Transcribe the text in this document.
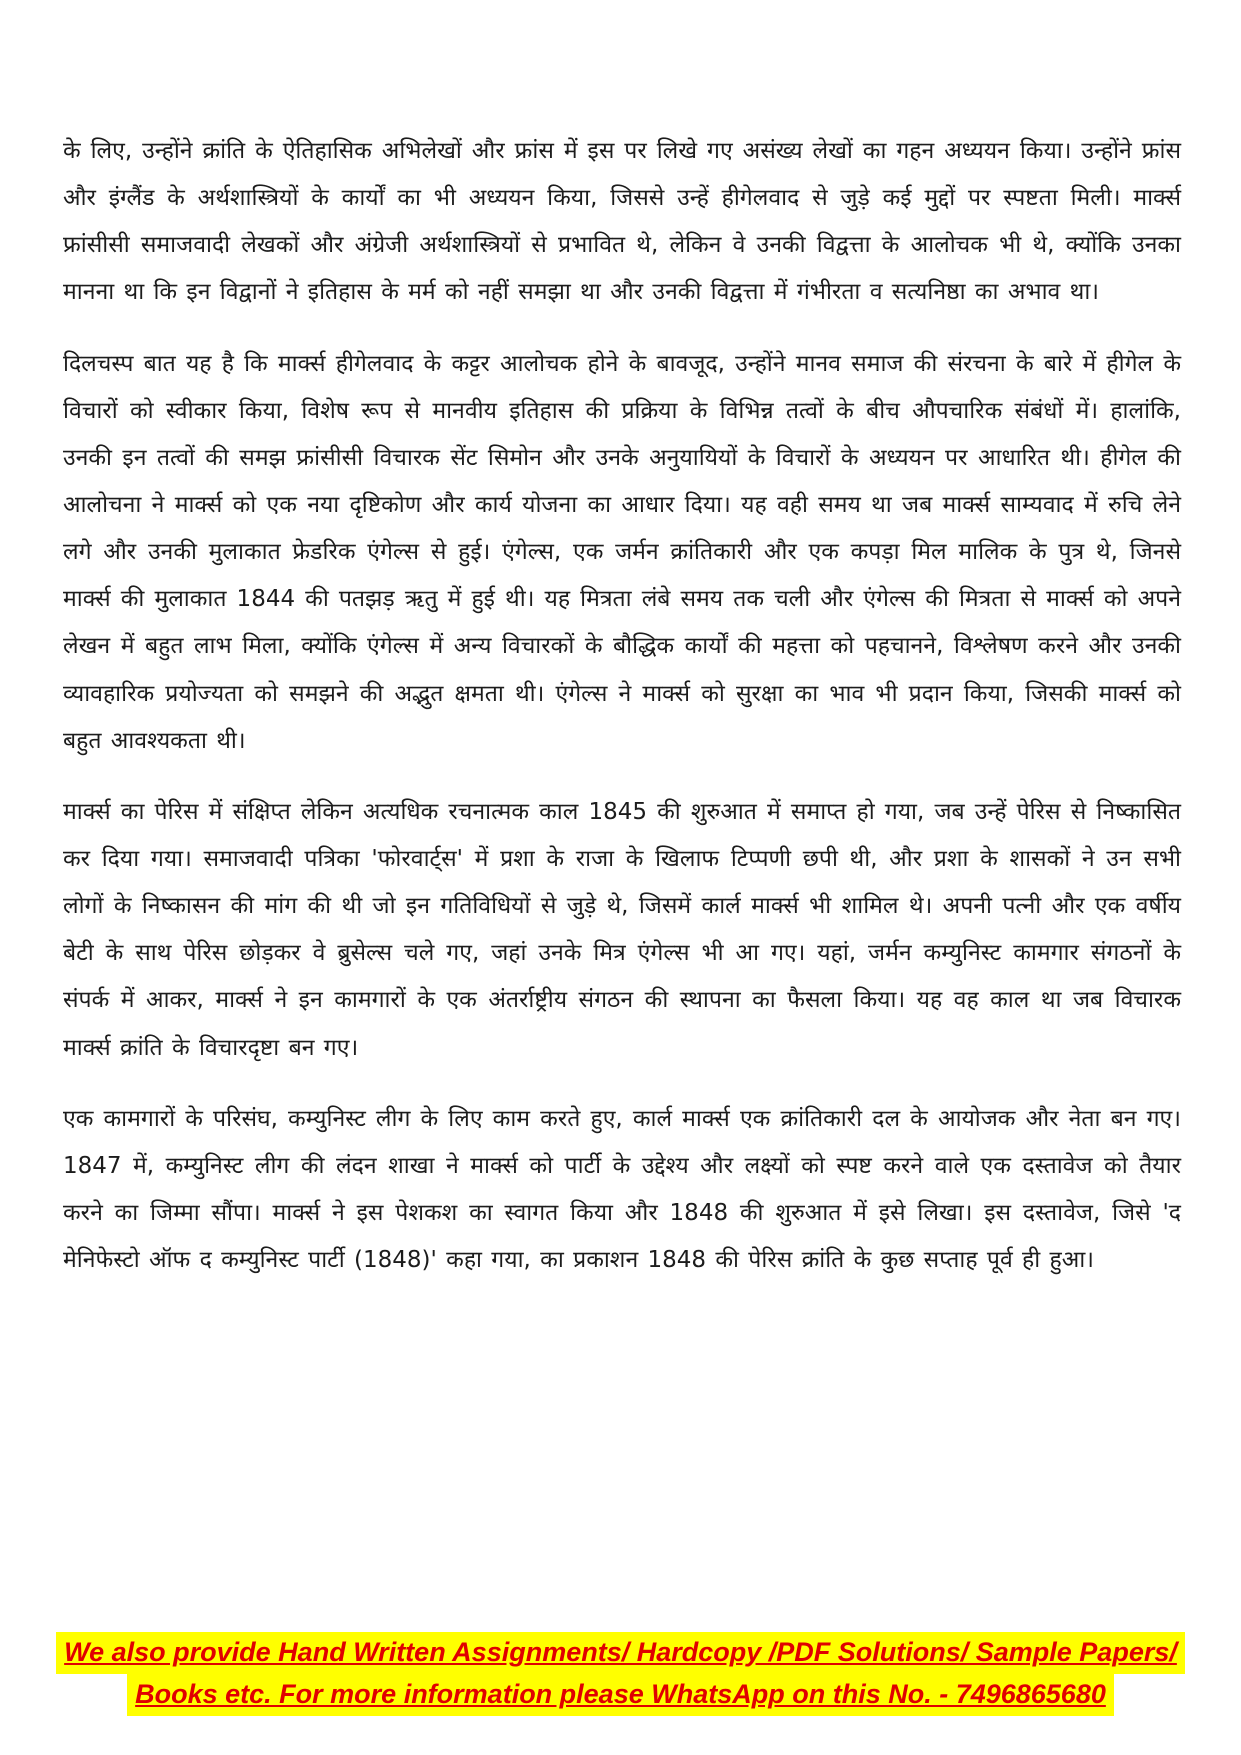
के लिए, उन्होंने क्रांति के ऐतिहासिक अभिलेखों और फ्रांस में इस पर लिखे गए असंख्य लेखों का गहन अध्ययन किया। उन्होंने फ्रांस और इंग्लैंड के अर्थशास्त्रियों के कार्यों का भी अध्ययन किया, जिससे उन्हें हीगेलवाद से जुड़े कई मुद्दों पर स्पष्टता मिली। मार्क्स फ्रांसीसी समाजवादी लेखकों और अंग्रेजी अर्थशास्त्रियों से प्रभावित थे, लेकिन वे उनकी विद्वत्ता के आलोचक भी थे, क्योंकि उनका मानना था कि इन विद्वानों ने इतिहास के मर्म को नहीं समझा था और उनकी विद्वत्ता में गंभीरता व सत्यनिष्ठा का अभाव था।

दिलचस्प बात यह है कि मार्क्स हीगेलवाद के कट्टर आलोचक होने के बावजूद, उन्होंने मानव समाज की संरचना के बारे में हीगेल के विचारों को स्वीकार किया, विशेष रूप से मानवीय इतिहास की प्रक्रिया के विभिन्न तत्वों के बीच औपचारिक संबंधों में। हालांकि, उनकी इन तत्वों की समझ फ्रांसीसी विचारक सेंट सिमोन और उनके अनुयायियों के विचारों के अध्ययन पर आधारित थी। हीगेल की आलोचना ने मार्क्स को एक नया दृष्टिकोण और कार्य योजना का आधार दिया। यह वही समय था जब मार्क्स साम्यवाद में रुचि लेने लगे और उनकी मुलाकात फ्रेडरिक एंगेल्स से हुई। एंगेल्स, एक जर्मन क्रांतिकारी और एक कपड़ा मिल मालिक के पुत्र थे, जिनसे मार्क्स की मुलाकात 1844 की पतझड़ ऋतु में हुई थी। यह मित्रता लंबे समय तक चली और एंगेल्स की मित्रता से मार्क्स को अपने लेखन में बहुत लाभ मिला, क्योंकि एंगेल्स में अन्य विचारकों के बौद्धिक कार्यों की महत्ता को पहचानने, विश्लेषण करने और उनकी व्यावहारिक प्रयोज्यता को समझने की अद्भुत क्षमता थी। एंगेल्स ने मार्क्स को सुरक्षा का भाव भी प्रदान किया, जिसकी मार्क्स को बहुत आवश्यकता थी।

मार्क्स का पेरिस में संक्षिप्त लेकिन अत्यधिक रचनात्मक काल 1845 की शुरुआत में समाप्त हो गया, जब उन्हें पेरिस से निष्कासित कर दिया गया। समाजवादी पत्रिका 'फोरवार्ट्स' में प्रशा के राजा के खिलाफ टिप्पणी छपी थी, और प्रशा के शासकों ने उन सभी लोगों के निष्कासन की मांग की थी जो इन गतिविधियों से जुड़े थे, जिसमें कार्ल मार्क्स भी शामिल थे। अपनी पत्नी और एक वर्षीय बेटी के साथ पेरिस छोड़कर वे ब्रुसेल्स चले गए, जहां उनके मित्र एंगेल्स भी आ गए। यहां, जर्मन कम्युनिस्ट कामगार संगठनों के संपर्क में आकर, मार्क्स ने इन कामगारों के एक अंतर्राष्ट्रीय संगठन की स्थापना का फैसला किया। यह वह काल था जब विचारक मार्क्स क्रांति के विचारदृष्टा बन गए।

एक कामगारों के परिसंघ, कम्युनिस्ट लीग के लिए काम करते हुए, कार्ल मार्क्स एक क्रांतिकारी दल के आयोजक और नेता बन गए। 1847 में, कम्युनिस्ट लीग की लंदन शाखा ने मार्क्स को पार्टी के उद्देश्य और लक्ष्यों को स्पष्ट करने वाले एक दस्तावेज को तैयार करने का जिम्मा सौंपा। मार्क्स ने इस पेशकश का स्वागत किया और 1848 की शुरुआत में इसे लिखा। इस दस्तावेज, जिसे 'द मेनिफेस्टो ऑफ द कम्युनिस्ट पार्टी (1848)' कहा गया, का प्रकाशन 1848 की पेरिस क्रांति के कुछ सप्ताह पूर्व ही हुआ।

We also provide Hand Written Assignments/ Hardcopy /PDF Solutions/ Sample Papers/
Books etc. For more information please WhatsApp on this No. - 7496865680
